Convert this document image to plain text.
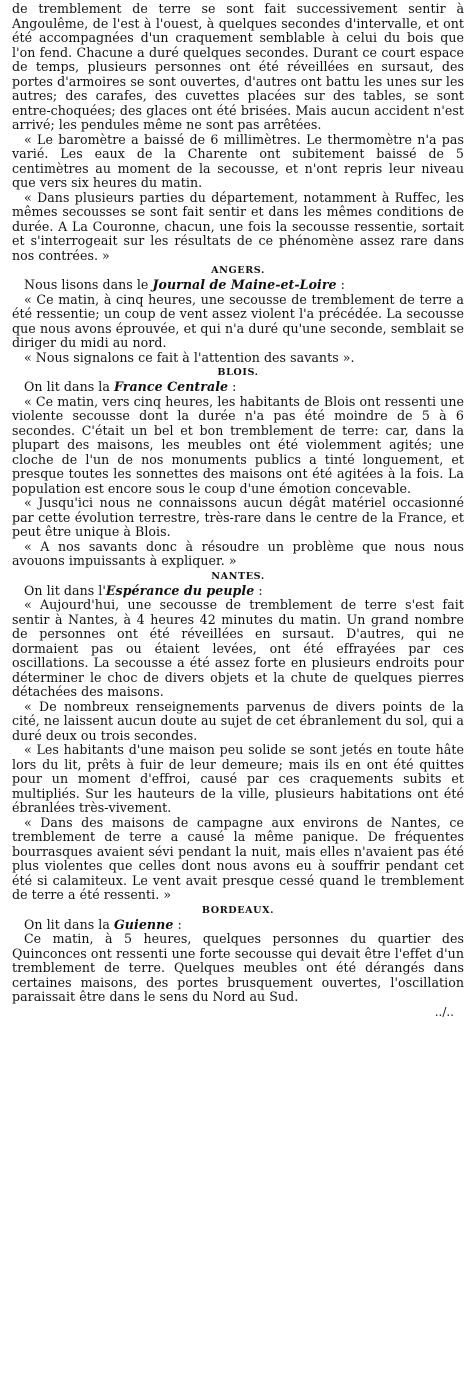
de tremblement de terre se sont fait successivement sentir à Angoulême, de l'est à l'ouest, à quelques secondes d'intervalle, et ont été accompagnées d'un craquement semblable à celui du bois que l'on fend. Chacune a duré quelques secondes. Durant ce court espace de temps, plusieurs personnes ont été réveillées en sursaut, des portes d'armoires se sont ouvertes, d'autres ont battu les unes sur les autres; des carafes, des cuvettes placées sur des tables, se sont entre-choquées; des glaces ont été brisées. Mais aucun accident n'est arrivé; les pendules même ne sont pas arrêtées.

« Le baromètre a baissé de 6 millimètres. Le thermomètre n'a pas varié. Les eaux de la Charente ont subitement baissé de 5 centimètres au moment de la secousse, et n'ont repris leur niveau que vers six heures du matin.

« Dans plusieurs parties du département, notamment à Ruffec, les mêmes secousses se sont fait sentir et dans les mêmes conditions de durée. A La Couronne, chacun, une fois la secousse ressentie, sortait et s'interrogeait sur les résultats de ce phénomène assez rare dans nos contrées. »

ANGERS.

Nous lisons dans le Journal de Maine-et-Loire :

« Ce matin, à cinq heures, une secousse de tremblement de terre a été ressentie; un coup de vent assez violent l'a précédée. La secousse que nous avons éprouvée, et qui n'a duré qu'une seconde, semblait se diriger du midi au nord.

« Nous signalons ce fait à l'attention des savants ».

BLOIS.

On lit dans la France Centrale :

« Ce matin, vers cinq heures, les habitants de Blois ont ressenti une violente secousse dont la durée n'a pas été moindre de 5 à 6 secondes. C'était un bel et bon tremblement de terre: car, dans la plupart des maisons, les meubles ont été violemment agités; une cloche de l'un de nos monuments publics a tinté longuement, et presque toutes les sonnettes des maisons ont été agitées à la fois. La population est encore sous le coup d'une émotion concevable.

« Jusqu'ici nous ne connaissons aucun dégât matériel occasionné par cette évolution terrestre, très-rare dans le centre de la France, et peut être unique à Blois.

« A nos savants donc à résoudre un problème que nous nous avouons impuissants à expliquer. »

NANTES.

On lit dans l'Espérance du peuple :

« Aujourd'hui, une secousse de tremblement de terre s'est fait sentir à Nantes, à 4 heures 42 minutes du matin. Un grand nombre de personnes ont été réveillées en sursaut. D'autres, qui ne dormaient pas ou étaient levées, ont été effrayées par ces oscillations. La secousse a été assez forte en plusieurs endroits pour déterminer le choc de divers objets et la chute de quelques pierres détachées des maisons.

« De nombreux renseignements parvenus de divers points de la cité, ne laissent aucun doute au sujet de cet ébranlement du sol, qui a duré deux ou trois secondes.

« Les habitants d'une maison peu solide se sont jetés en toute hâte lors du lit, prêts à fuir de leur demeure; mais ils en ont été quittes pour un moment d'effroi, causé par ces craquements subits et multipliés. Sur les hauteurs de la ville, plusieurs habitations ont été ébranlées très-vivement.

« Dans des maisons de campagne aux environs de Nantes, ce tremblement de terre a causé la même panique. De fréquentes bourrasques avaient sévi pendant la nuit, mais elles n'avaient pas été plus violentes que celles dont nous avons eu à souffrir pendant cet été si calamiteux. Le vent avait presque cessé quand le tremblement de terre a été ressenti. »

BORDEAUX.

On lit dans la Guienne :

Ce matin, à 5 heures, quelques personnes du quartier des Quinconces ont ressenti une forte secousse qui devait être l'effet d'un tremblement de terre. Quelques meubles ont été dérangés dans certaines maisons, des portes brusquement ouvertes, l'oscillation paraissait être dans le sens du Nord au Sud.

../..
